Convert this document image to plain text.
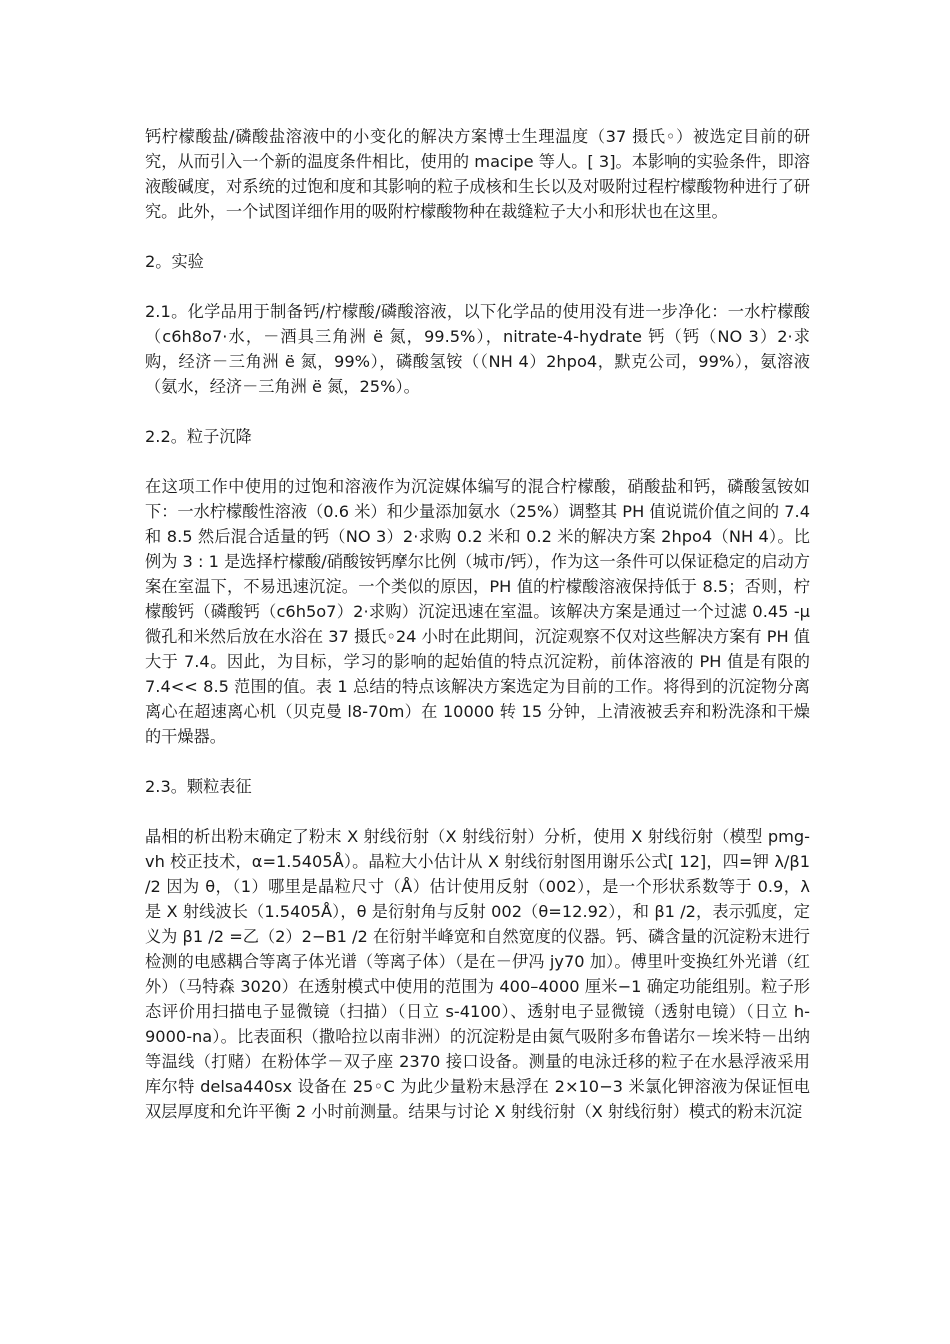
钙柠檬酸盐/磷酸盐溶液中的小变化的解决方案博士生理温度（37 摄氏◦）被选定目前的研究，从而引入一个新的温度条件相比，使用的 macipe 等人。[ 3]。本影响的实验条件，即溶液酸碱度，对系统的过饱和度和其影响的粒子成核和生长以及对吸附过程柠檬酸物种进行了研究。此外，一个试图详细作用的吸附柠檬酸物种在裁缝粒子大小和形状也在这里。

2。实验

2.1。化学品用于制备钙/柠檬酸/磷酸溶液，以下化学品的使用没有进一步净化：一水柠檬酸（c6h8o7·水，－酒具三角洲 ë 氮，99.5%），nitrate-4-hydrate 钙（钙（NO 3）2·求购，经济－三角洲 ë 氮，99%），磷酸氢铵（（NH 4）2hpo4，默克公司，99%），氨溶液（氨水，经济－三角洲 ë 氮，25%）。

2.2。粒子沉降

在这项工作中使用的过饱和溶液作为沉淀媒体编写的混合柠檬酸，硝酸盐和钙，磷酸氢铵如下：一水柠檬酸性溶液（0.6 米）和少量添加氨水（25%）调整其 PH 值说谎价值之间的 7.4 和 8.5 然后混合适量的钙（NO 3）2·求购 0.2 米和 0.2 米的解决方案 2hpo4（NH 4）。比例为 3 : 1 是选择柠檬酸/硝酸铵钙摩尔比例（城市/钙），作为这一条件可以保证稳定的启动方案在室温下，不易迅速沉淀。一个类似的原因，PH 值的柠檬酸溶液保持低于 8.5；否则，柠檬酸钙（磷酸钙（c6h5o7）2·求购）沉淀迅速在室温。该解决方案是通过一个过滤 0.45 -μ 微孔和米然后放在水浴在 37 摄氏◦24 小时在此期间，沉淀观察不仅对这些解决方案有 PH 值大于 7.4。因此，为目标，学习的影响的起始值的特点沉淀粉，前体溶液的 PH 值是有限的 7.4<< 8.5 范围的值。表 1 总结的特点该解决方案选定为目前的工作。将得到的沉淀物分离离心在超速离心机（贝克曼 l8-70m）在 10000 转 15 分钟，上清液被丢弃和粉洗涤和干燥的干燥器。

2.3。颗粒表征

晶相的析出粉末确定了粉末 X 射线衍射（X 射线衍射）分析，使用 X 射线衍射（模型 pmg-vh 校正技术，α=1.5405Å）。晶粒大小估计从 X 射线衍射图用谢乐公式[ 12]，四=钾 λ/β1 /2 因为 θ，（1）哪里是晶粒尺寸（Å）估计使用反射（002），是一个形状系数等于 0.9，λ 是 X 射线波长（1.5405Å），θ 是衍射角与反射 002（θ=12.92），和 β1 /2，表示弧度，定义为 β1 /2 =乙（2）2−B1 /2 在衍射半峰宽和自然宽度的仪器。钙、磷含量的沉淀粉末进行检测的电感耦合等离子体光谱（等离子体）（是在－伊冯 jy70 加）。傅里叶变换红外光谱（红外）（马特森 3020）在透射模式中使用的范围为 400–4000 厘米−1 确定功能组别。粒子形态评价用扫描电子显微镜（扫描）（日立 s-4100）、透射电子显微镜（透射电镜）（日立 h-9000-na）。比表面积（撒哈拉以南非洲）的沉淀粉是由氮气吸附多布鲁诺尔－埃米特－出纳等温线（打赌）在粉体学－双子座 2370 接口设备。测量的电泳迁移的粒子在水悬浮液采用库尔特 delsa440sx 设备在 25◦C 为此少量粉末悬浮在 2×10−3 米氯化钾溶液为保证恒电双层厚度和允许平衡 2 小时前测量。结果与讨论 X 射线衍射（X 射线衍射）模式的粉末沉淀
